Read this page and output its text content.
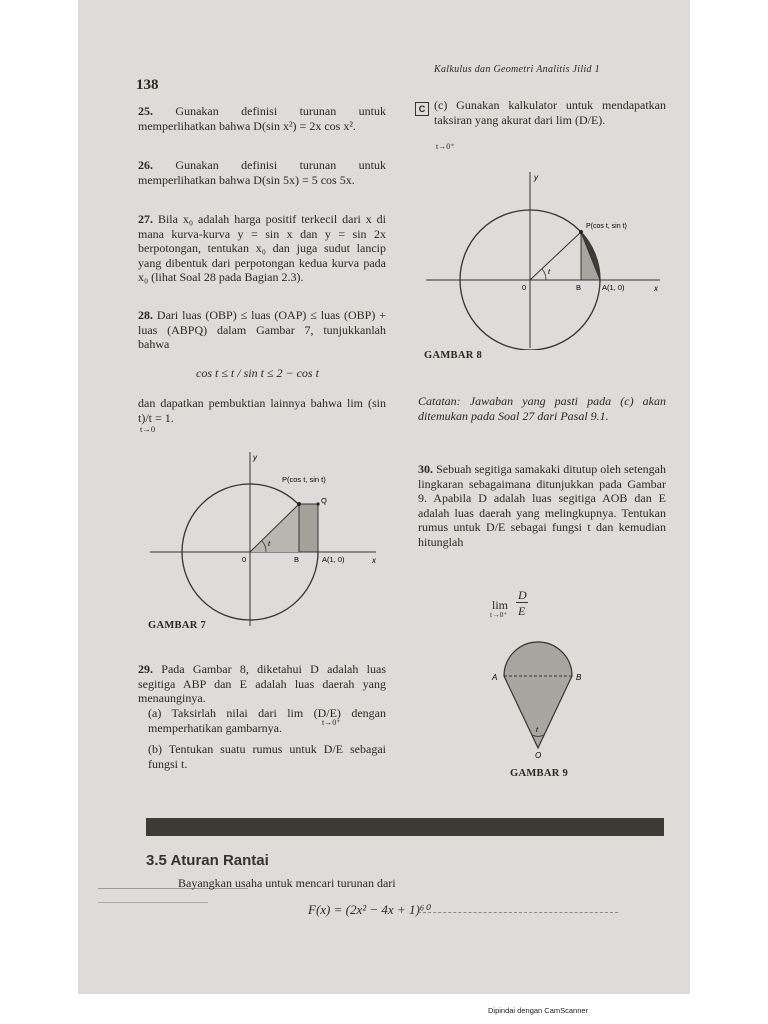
138
Kalkulus dan Geometri Analitis Jilid 1
25. Gunakan definisi turunan untuk memperlihatkan bahwa D(sin x²) = 2x cos x².
26. Gunakan definisi turunan untuk memperlihatkan bahwa D(sin 5x) = 5 cos 5x.
27. Bila x₀ adalah harga positif terkecil dari x di mana kurva-kurva y = sin x dan y = sin 2x berpotongan, tentukan x₀ dan juga sudut lancip yang dibentuk dari perpotongan kedua kurva pada x₀ (lihat Soal 28 pada Bagian 2.3).
28. Dari luas (OBP) ≤ luas (OAP) ≤ luas (OBP) + luas (ABPQ) dalam Gambar 7, tunjukkanlah bahwa
cos t ≤ t / sin t ≤ 2 − cos t
dan dapatkan pembuktian lainnya bahwa lim (sin t)/t = 1.
t→0
y
x
P(cos t, sin t)
Q
0	B	A(1, 0)
t
GAMBAR 7
29. Pada Gambar 8, diketahui D adalah luas segitiga ABP dan E adalah luas daerah yang menaunginya.
(a) Taksirlah nilai dari lim (D/E) dengan memperhatikan gambarnya.	t→0⁺
(b) Tentukan suatu rumus untuk D/E sebagai fungsi t.
C (c) Gunakan kalkulator untuk mendapatkan taksiran yang akurat dari lim (D/E).
t→0⁺
y
x
P(cos t, sin t)
0	B	A(1, 0)
t
GAMBAR 8
Catatan: Jawaban yang pasti pada (c) akan ditemukan pada Soal 27 dari Pasal 9.1.
30. Sebuah segitiga samakaki ditutup oleh setengah lingkaran sebagaimana ditunjukkan pada Gambar 9. Apabila D adalah luas segitiga AOB dan E adalah luas daerah yang melingkupnya. Tentukan rumus untuk D/E sebagai fungsi t dan kemudian hitunglah
lim
t→0⁺
D
E
A	B
O
t
GAMBAR 9
3.5 Aturan Rantai
Bayangkan usaha untuk mencari turunan dari
F(x) = (2x² − 4x + 1)⁶⁰
Dipindai dengan CamScanner
